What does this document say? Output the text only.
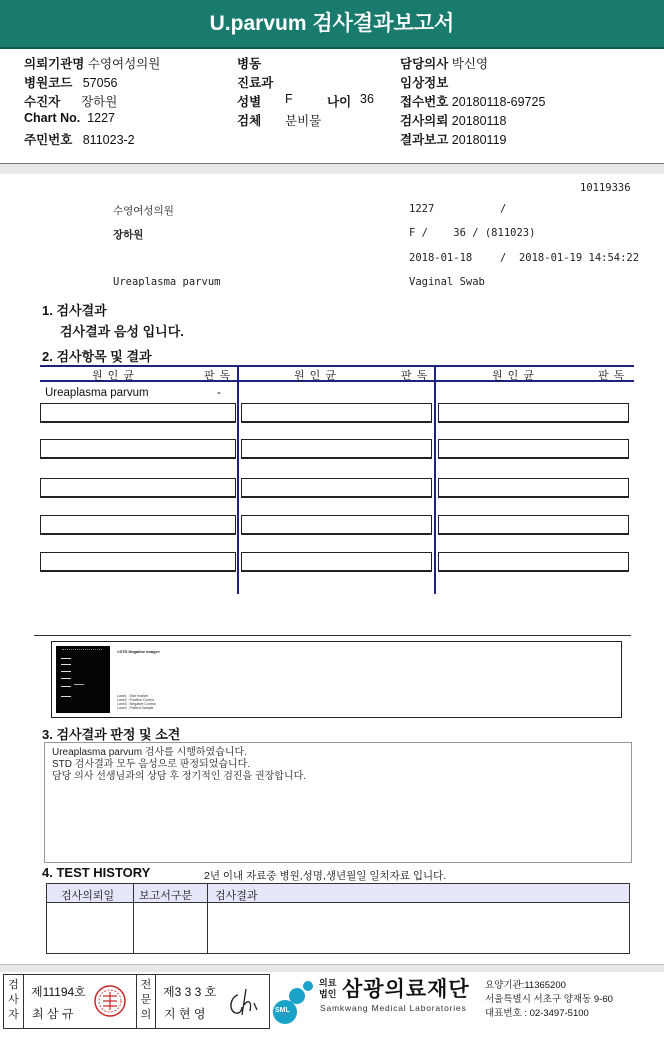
U.parvum 검사결과보고서
의뢰기관명 수영여성의원
병원코드 57056
수진자 장하원
Chart No. 1227
주민번호 811023-2
병동
진료과
성별 F	나이 36
검체 분비물
담당의사 박신영
임상정보
접수번호 20180118-69725
검사의뢰 20180118
결과보고 20180119
10119336
수영여성의원	1227	/
장하원	F /    36 / (811023)
2018-01-18	/  2018-01-19 14:54:22
Ureaplasma parvum	Vaginal Swab
1. 검사결과
검사결과 음성 입니다.
2. 검사항목 및 결과
원 인 균	판 독	원 인 균	판 독	원 인 균	판 독
Ureaplasma parvum	-
<STD Negative Image>
Lane1 : Size marker
Lane2 : Positive Control
Lane3 : Negative Control
Lane4 : Patient Sample
3. 검사결과 판정 및 소견
Ureaplasma parvum 검사를 시행하였습니다.
STD 검사결과 모두 음성으로 판정되었습니다.
담당 의사 선생님과의 상담 후 정기적인 검진을 권장합니다.
4. TEST HISTORY	2년 이내 자료중 병원,성명,생년월일 일치자료 입니다.
검사의뢰일 보고서구분 검사결과
검
사
자
제11194호
최 삼 규
전
문
의
제3 3 3 호
지 현 영	SML
의료
법인 삼광의료재단
Samkwang Medical Laboratories
요양기관:11365200
서울특별시 서초구 양재동 9-60
대표번호 : 02-3497-5100
